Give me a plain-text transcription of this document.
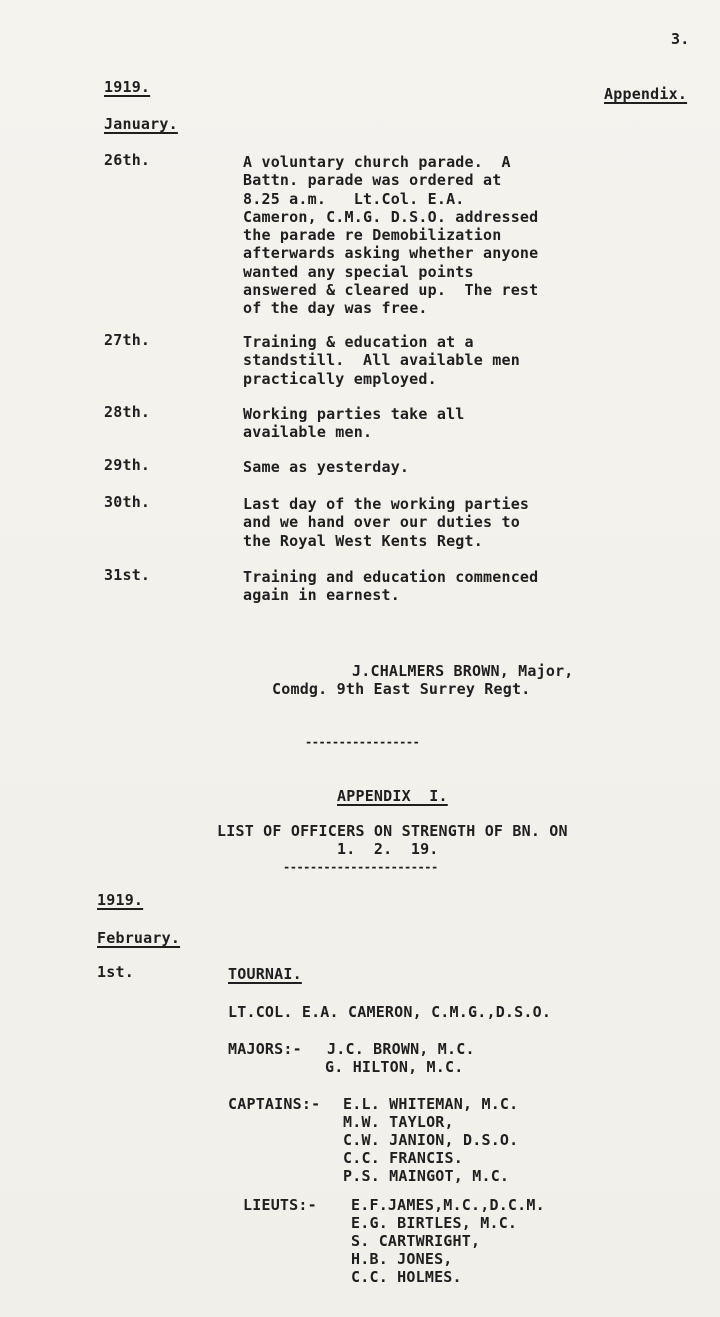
3.
1919.	Appendix.
January.
26th.	A voluntary church parade.  A
Battn. parade was ordered at
8.25 a.m.   Lt.Col. E.A.
Cameron, C.M.G. D.S.O. addressed
the parade re Demobilization
afterwards asking whether anyone
wanted any special points
answered & cleared up.  The rest
of the day was free.
27th.	Training & education at a
standstill.  All available men
practically employed.
28th.	Working parties take all
available men.
29th.	Same as yesterday.
30th.	Last day of the working parties
and we hand over our duties to
the Royal West Kents Regt.
31st.	Training and education commenced
again in earnest.
J.CHALMERS BROWN, Major,
Comdg. 9th East Surrey Regt.
-----------------
APPENDIX  I.
LIST OF OFFICERS ON STRENGTH OF BN. ON
1.  2.  19.
-----------------------
1919.
February.
1st.	TOURNAI.
LT.COL. E.A. CAMERON, C.M.G.,D.S.O.
MAJORS:- J.C. BROWN, M.C.
G. HILTON, M.C.
CAPTAINS:- E.L. WHITEMAN, M.C.
M.W. TAYLOR,
C.W. JANION, D.S.O.
C.C. FRANCIS.
P.S. MAINGOT, M.C.
LIEUTS:- E.F.JAMES,M.C.,D.C.M.
E.G. BIRTLES, M.C.
S. CARTWRIGHT,
H.B. JONES,
C.C. HOLMES.
